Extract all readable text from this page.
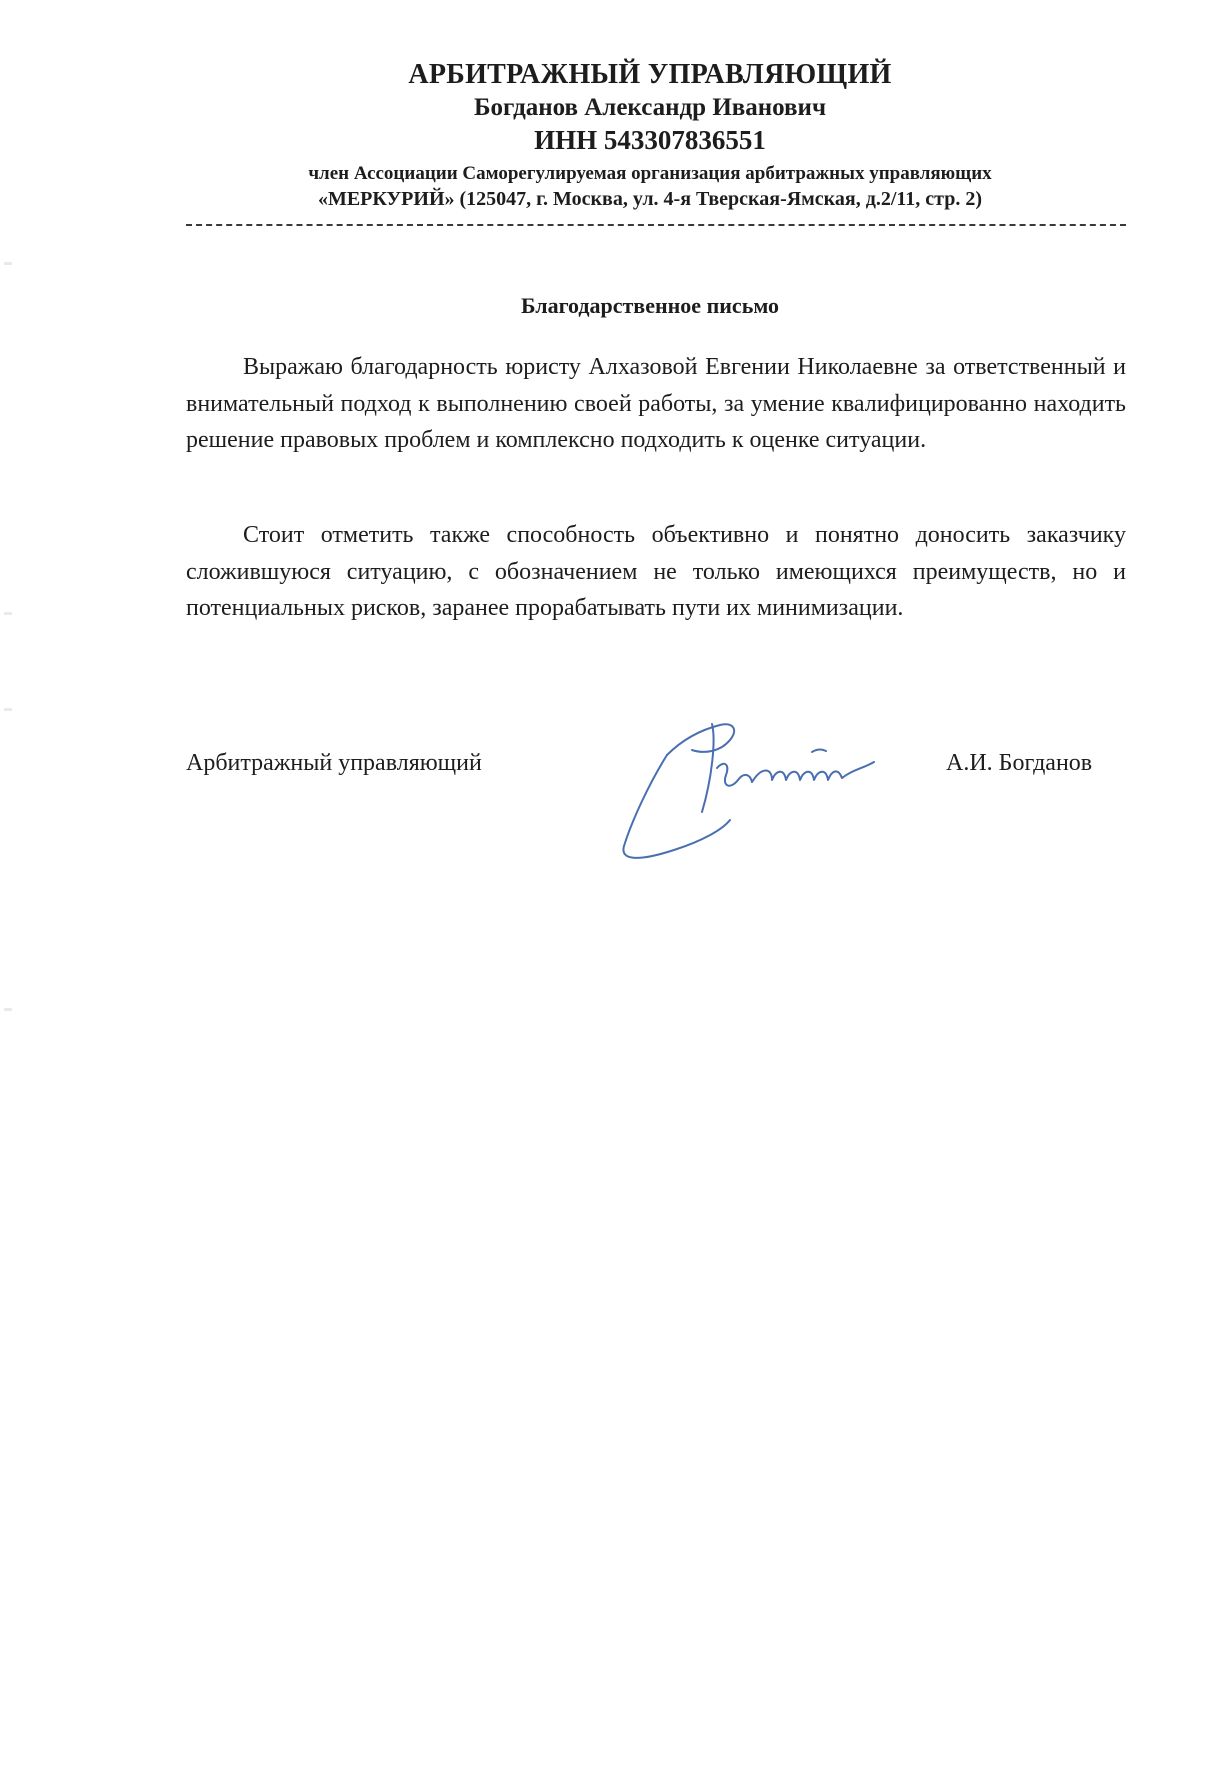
АРБИТРАЖНЫЙ УПРАВЛЯЮЩИЙ
Богданов Александр Иванович
ИНН 543307836551
член Ассоциации Саморегулируемая организация арбитражных управляющих
«МЕРКУРИЙ» (125047, г. Москва, ул. 4-я Тверская-Ямская, д.2/11, стр. 2)
Благодарственное письмо
Выражаю благодарность юристу Алхазовой Евгении Николаевне за ответственный и внимательный подход к выполнению своей работы, за умение квалифицированно находить решение правовых проблем и комплексно подходить к оценке ситуации.
Стоит отметить также способность объективно и понятно доносить заказчику сложившуюся ситуацию, с обозначением не только имеющихся преимуществ, но и потенциальных рисков, заранее прорабатывать пути их минимизации.
Арбитражный управляющий	А.И. Богданов
